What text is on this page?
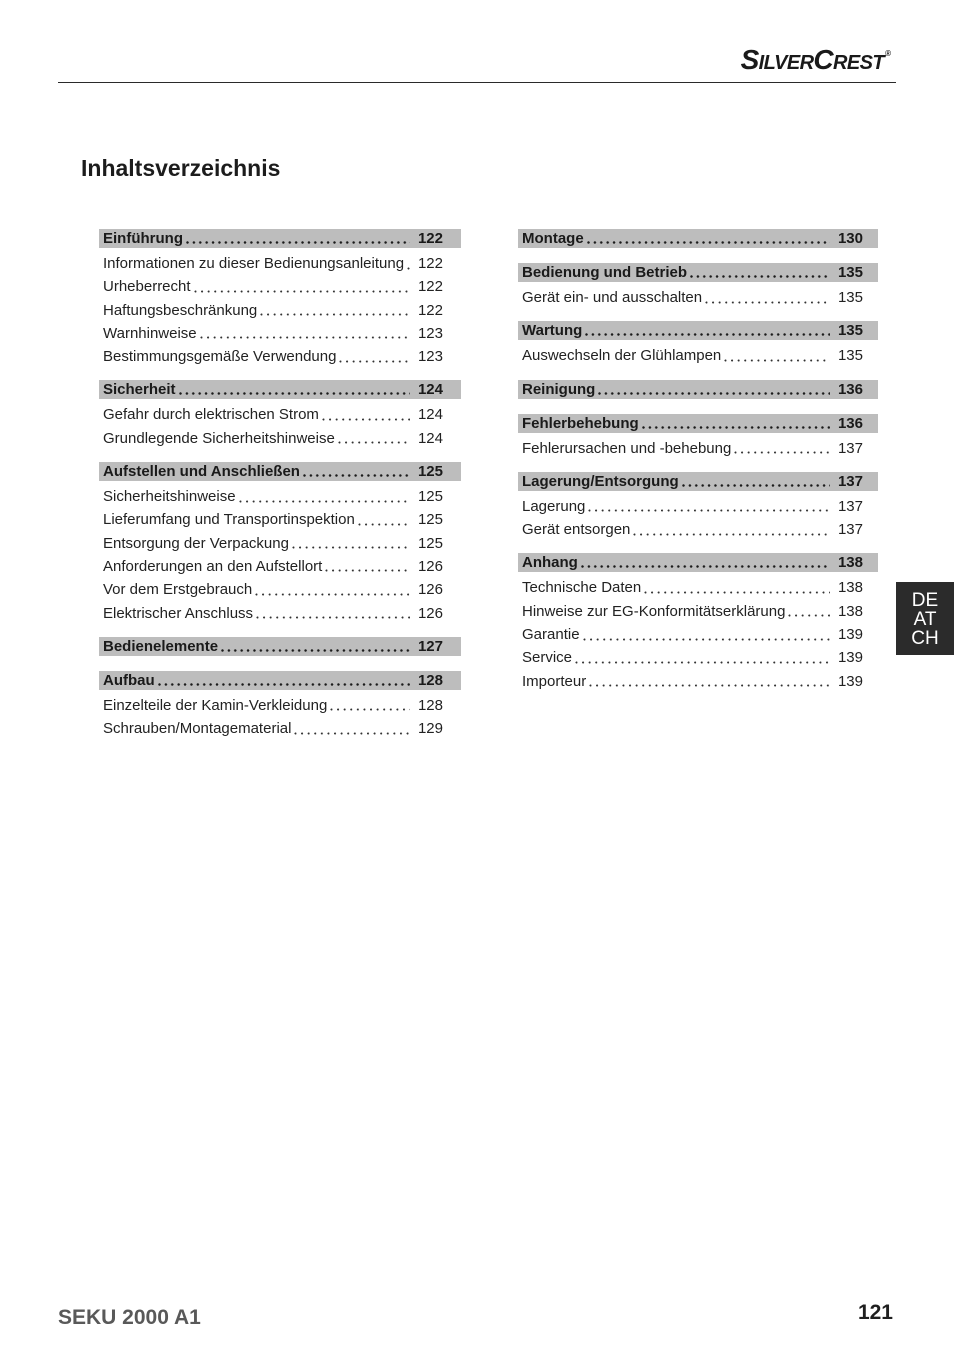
SilverCrest ®
Inhaltsverzeichnis
Einführung	122
Informationen zu dieser Bedienungsanleitung 122
Urheberrecht	122
Haftungsbeschränkung	122
Warnhinweise	123
Bestimmungsgemäße Verwendung	123
Sicherheit	124
Gefahr durch elektrischen Strom	124
Grundlegende Sicherheitshinweise	124
Aufstellen und Anschließen	125
Sicherheitshinweise	125
Lieferumfang und Transportinspektion	125
Entsorgung der Verpackung	125
Anforderungen an den Aufstellort	126
Vor dem Erstgebrauch	126
Elektrischer Anschluss	126
Bedienelemente	127
Aufbau	128
Einzelteile der Kamin-Verkleidung	128
Schrauben/Montagematerial	129
Montage	130
Bedienung und Betrieb	135
Gerät ein- und ausschalten	135
Wartung	135
Auswechseln der Glühlampen	135
Reinigung	136
Fehlerbehebung	136
Fehlerursachen und -behebung	137
Lagerung/Entsorgung	137
Lagerung	137
Gerät entsorgen	137
Anhang	138
Technische Daten	138
Hinweise zur EG-Konformitätserklärung	138
Garantie	139
Service	139
Importeur	139
DE
AT
CH
SEKU 2000 A1	121
